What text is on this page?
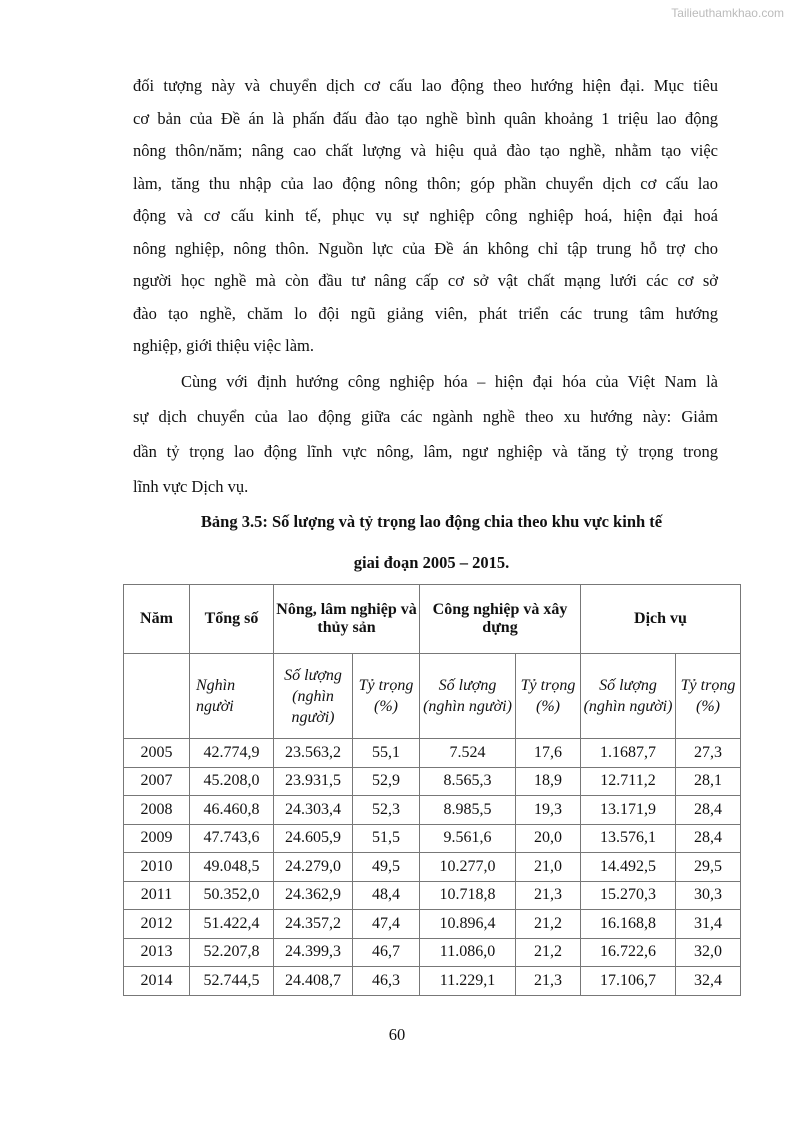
Tailieuthamkhao.com
đối tượng này và chuyển dịch cơ cấu lao động theo hướng hiện đại. Mục tiêu
cơ bản của Đề án là phấn đấu đào tạo nghề bình quân khoảng 1 triệu lao động
nông thôn/năm; nâng cao chất lượng và hiệu quả đào tạo nghề, nhằm tạo việc
làm, tăng thu nhập của lao động nông thôn; góp phần chuyển dịch cơ cấu lao
động và cơ cấu kinh tế, phục vụ sự nghiệp công nghiệp hoá, hiện đại hoá
nông nghiệp, nông thôn. Nguồn lực của Đề án không chỉ tập trung hỗ trợ cho
người học nghề mà còn đầu tư nâng cấp cơ sở vật chất mạng lưới các cơ sở
đào tạo nghề, chăm lo đội ngũ giảng viên, phát triển các trung tâm hướng
nghiệp, giới thiệu việc làm.
Cùng với định hướng công nghiệp hóa – hiện đại hóa của Việt Nam là
sự dịch chuyển của lao động giữa các ngành nghề theo xu hướng này: Giảm
dần tỷ trọng lao động lĩnh vực nông, lâm, ngư nghiệp và tăng tỷ trọng trong
lĩnh vực Dịch vụ.
Bảng 3.5: Số lượng và tỷ trọng lao động chia theo khu vực kinh tế
giai đoạn 2005 – 2015.
Năm	Tổng số	Nông, lâm nghiệp và thủy sản		Công nghiệp và xây dựng		Dịch vụ	
	Nghìn người	Số lượng (nghìn người)	Tỷ trọng (%)	Số lượng (nghìn người)	Tỷ trọng (%)	Số lượng (nghìn người)	Tỷ trọng (%)
2005	42.774,9	23.563,2	55,1	7.524	17,6	1.1687,7	27,3
2007	45.208,0	23.931,5	52,9	8.565,3	18,9	12.711,2	28,1
2008	46.460,8	24.303,4	52,3	8.985,5	19,3	13.171,9	28,4
2009	47.743,6	24.605,9	51,5	9.561,6	20,0	13.576,1	28,4
2010	49.048,5	24.279,0	49,5	10.277,0	21,0	14.492,5	29,5
2011	50.352,0	24.362,9	48,4	10.718,8	21,3	15.270,3	30,3
2012	51.422,4	24.357,2	47,4	10.896,4	21,2	16.168,8	31,4
2013	52.207,8	24.399,3	46,7	11.086,0	21,2	16.722,6	32,0
2014	52.744,5	24.408,7	46,3	11.229,1	21,3	17.106,7	32,4
60
